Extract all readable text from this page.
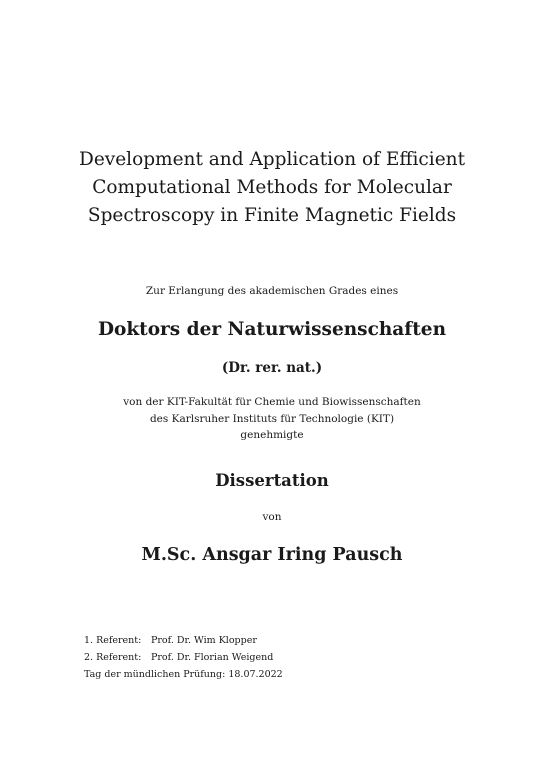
Development and Application of Efficient
Computational Methods for Molecular
Spectroscopy in Finite Magnetic Fields
Zur Erlangung des akademischen Grades eines
Doktors der Naturwissenschaften
(Dr. rer. nat.)
von der KIT-Fakultät für Chemie und Biowissenschaften
des Karlsruher Instituts für Technologie (KIT)
genehmigte
Dissertation
von
M.Sc. Ansgar Iring Pausch
1. Referent:	Prof. Dr. Wim Klopper
2. Referent:	Prof. Dr. Florian Weigend
Tag der mündlichen Prüfung: 18.07.2022
